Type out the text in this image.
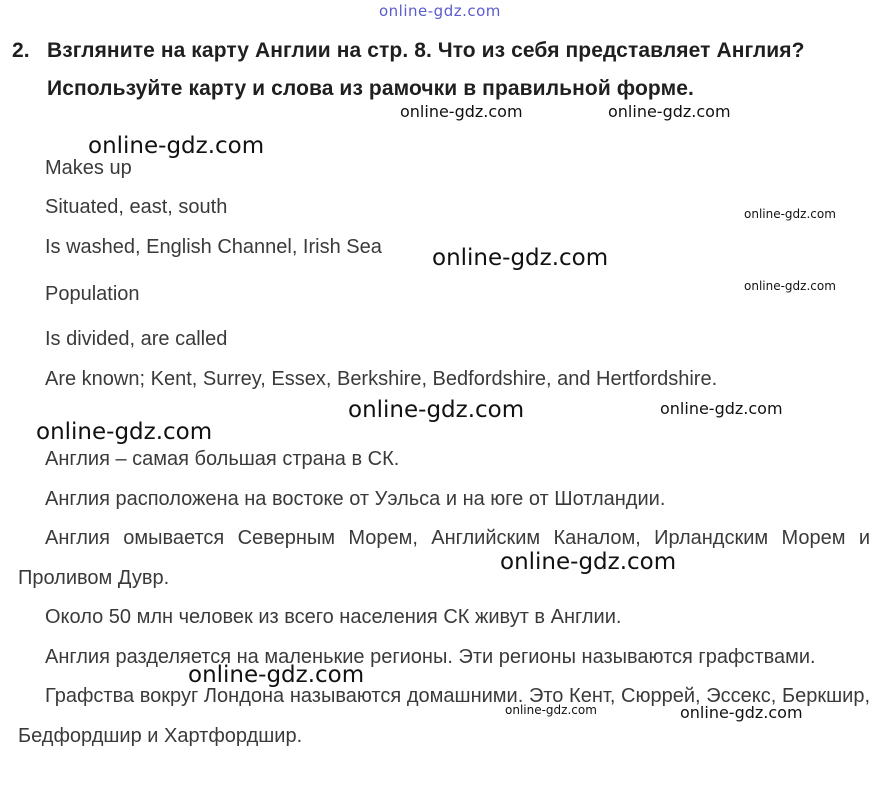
online-gdz.com
2. Взгляните на карту Англии на стр. 8. Что из себя представляет Англия?
Используйте карту и слова из рамочки в правильной форме.
Makes up
Situated, east, south
Is washed, English Channel, Irish Sea
Population
Is divided, are called
Are known; Kent, Surrey, Essex, Berkshire, Bedfordshire, and Hertfordshire.
Англия – самая большая страна в СК.
Англия расположена на востоке от Уэльса и на юге от Шотландии.
Англия омывается Северным Морем, Английским Каналом, Ирландским Морем и Проливом Дувр.
Около 50 млн человек из всего населения СК живут в Англии.
Англия разделяется на маленькие регионы. Эти регионы называются графствами.
Графства вокруг Лондона называются домашними. Это Кент, Сюррей, Эссекс, Беркшир, Бедфордшир и Хартфордшир.
online-gdz.com	online-gdz.com
online-gdz.com
online-gdz.com
online-gdz.com
online-gdz.com
online-gdz.com	online-gdz.com
online-gdz.com
online-gdz.com
online-gdz.com
online-gdz.com	online-gdz.com
